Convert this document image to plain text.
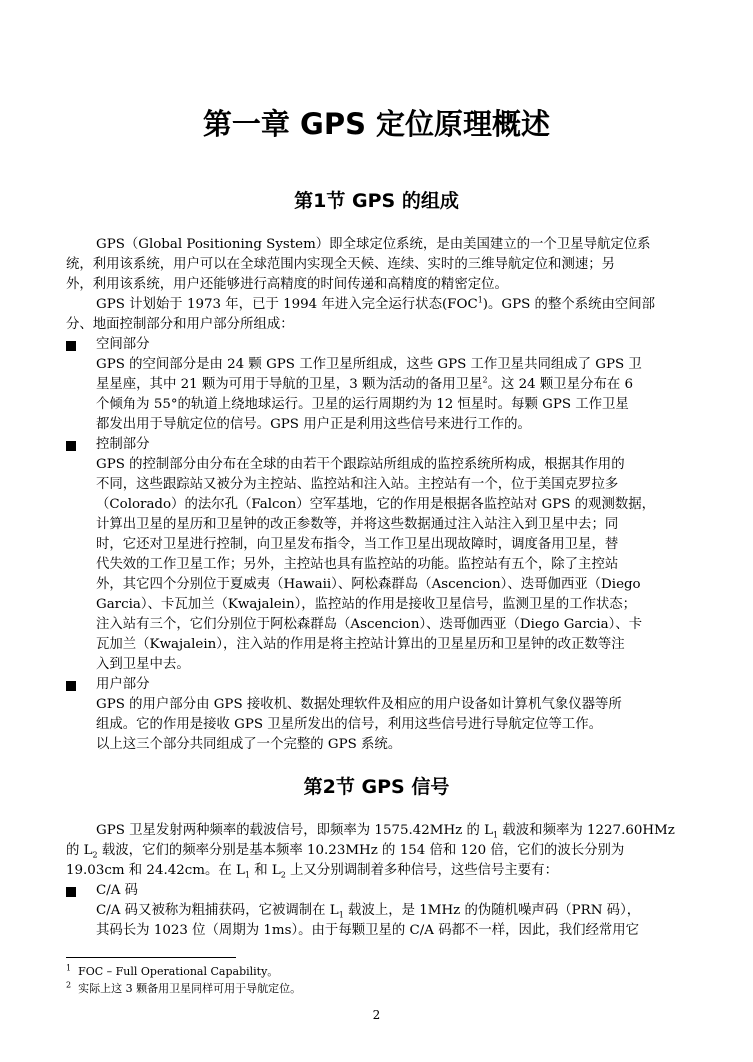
第一章 GPS 定位原理概述
第1节 GPS 的组成
GPS（Global Positioning System）即全球定位系统，是由美国建立的一个卫星导航定位系
统，利用该系统，用户可以在全球范围内实现全天候、连续、实时的三维导航定位和测速；另
外，利用该系统，用户还能够进行高精度的时间传递和高精度的精密定位。
GPS 计划始于 1973 年，已于 1994 年进入完全运行状态(FOC$^1$)。GPS 的整个系统由空间部
分、地面控制部分和用户部分所组成：
空间部分
GPS 的空间部分是由 24 颗 GPS 工作卫星所组成，这些 GPS 工作卫星共同组成了 GPS 卫
星星座，其中 21 颗为可用于导航的卫星，3 颗为活动的备用卫星$^2$。这 24 颗卫星分布在 6
个倾角为 55°的轨道上绕地球运行。卫星的运行周期约为 12 恒星时。每颗 GPS 工作卫星
都发出用于导航定位的信号。GPS 用户正是利用这些信号来进行工作的。
控制部分
GPS 的控制部分由分布在全球的由若干个跟踪站所组成的监控系统所构成，根据其作用的
不同，这些跟踪站又被分为主控站、监控站和注入站。主控站有一个，位于美国克罗拉多
（Colorado）的法尔孔（Falcon）空军基地，它的作用是根据各监控站对 GPS 的观测数据，
计算出卫星的星历和卫星钟的改正参数等，并将这些数据通过注入站注入到卫星中去；同
时，它还对卫星进行控制，向卫星发布指令，当工作卫星出现故障时，调度备用卫星，替
代失效的工作卫星工作；另外，主控站也具有监控站的功能。监控站有五个，除了主控站
外，其它四个分别位于夏威夷（Hawaii）、阿松森群岛（Ascencion）、迭哥伽西亚（Diego
Garcia）、卡瓦加兰（Kwajalein），监控站的作用是接收卫星信号，监测卫星的工作状态；
注入站有三个，它们分别位于阿松森群岛（Ascencion）、迭哥伽西亚（Diego Garcia）、卡
瓦加兰（Kwajalein），注入站的作用是将主控站计算出的卫星星历和卫星钟的改正数等注
入到卫星中去。
用户部分
GPS 的用户部分由 GPS 接收机、数据处理软件及相应的用户设备如计算机气象仪器等所
组成。它的作用是接收 GPS 卫星所发出的信号，利用这些信号进行导航定位等工作。
以上这三个部分共同组成了一个完整的 GPS 系统。
第2节 GPS 信号
GPS 卫星发射两种频率的载波信号，即频率为 1575.42MHz 的 $L_1$ 载波和频率为 1227.60HMz
的 $L_2$ 载波，它们的频率分别是基本频率 10.23MHz 的 154 倍和 120 倍，它们的波长分别为
19.03cm 和 24.42cm。在 $L_1$ 和 $L_2$ 上又分别调制着多种信号，这些信号主要有：
C/A 码
C/A 码又被称为粗捕获码，它被调制在 $L_1$ 载波上，是 1MHz 的伪随机噪声码（PRN 码），
其码长为 1023 位（周期为 1ms）。由于每颗卫星的 C/A 码都不一样，因此，我们经常用它
$^1$ FOC – Full Operational Capability。
$^2$ 实际上这 3 颗备用卫星同样可用于导航定位。
2
